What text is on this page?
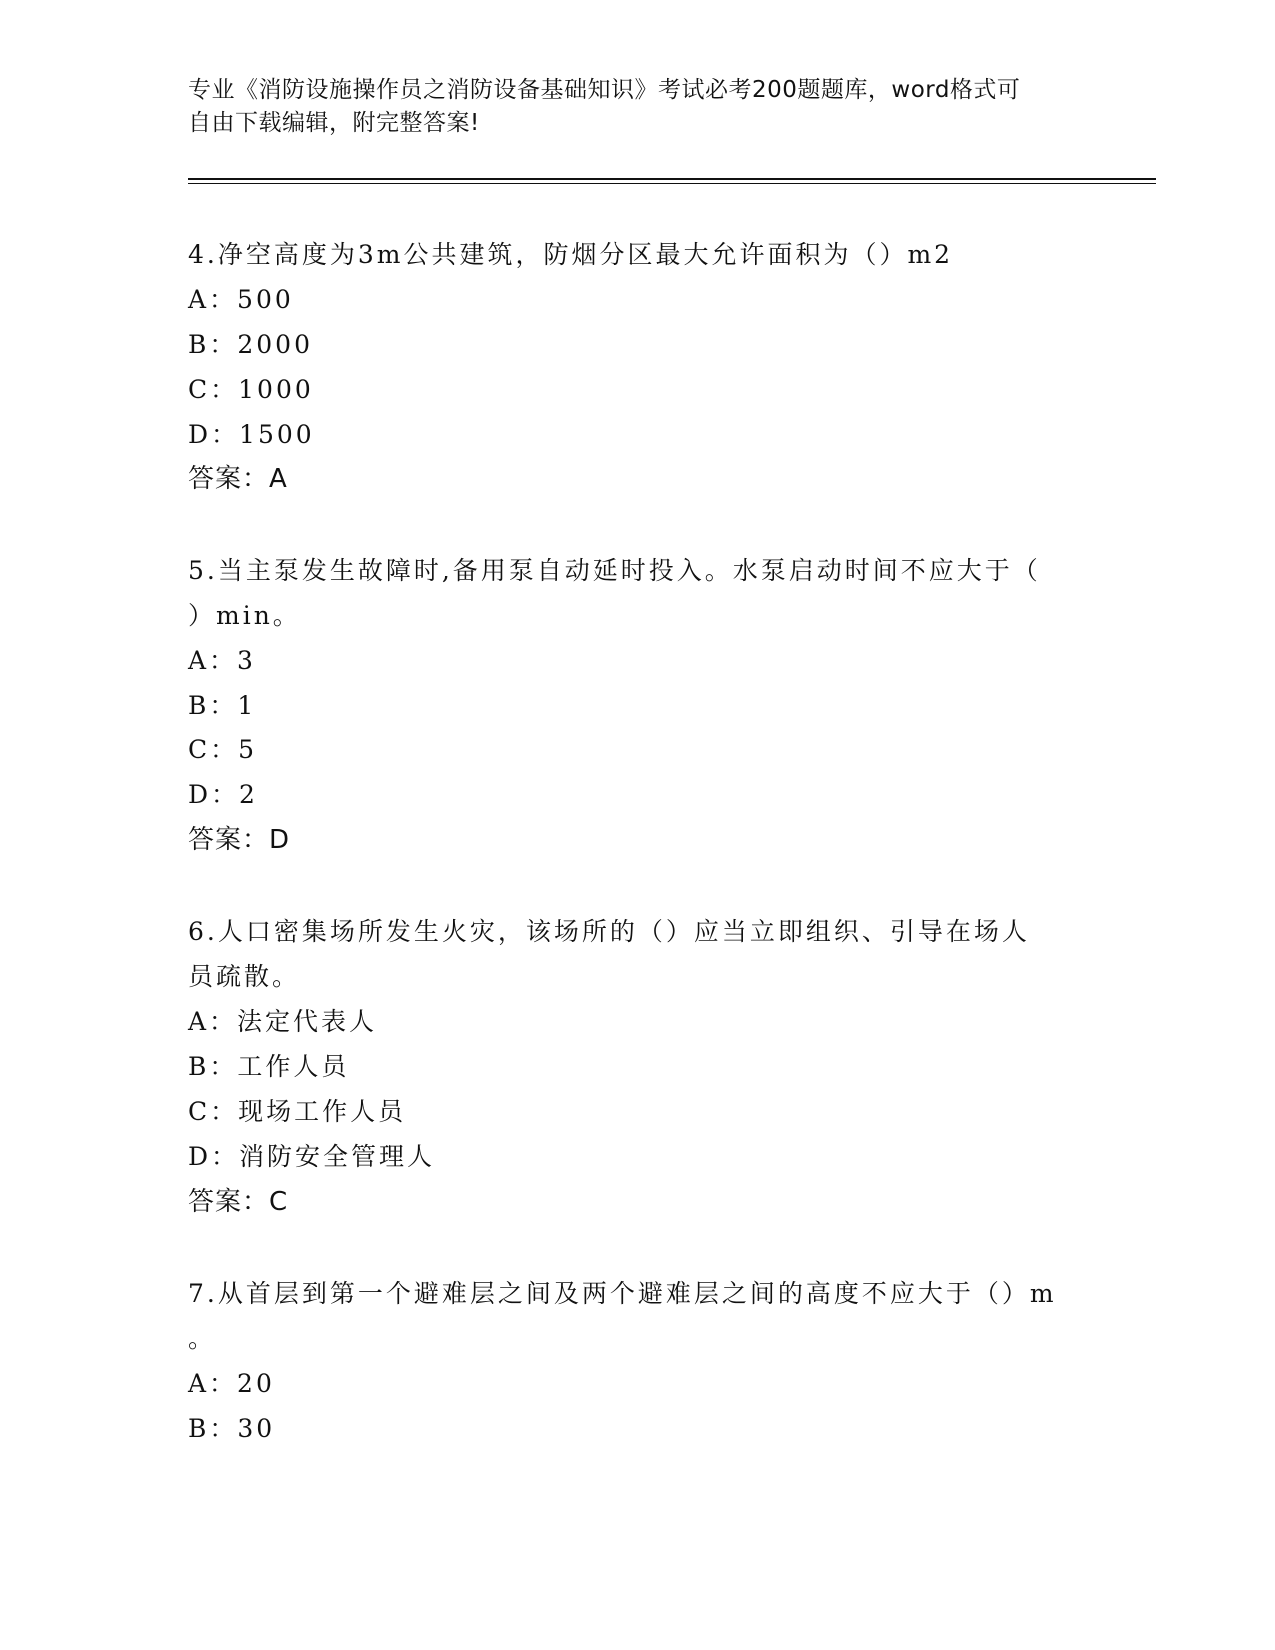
专业《消防设施操作员之消防设备基础知识》考试必考200题题库，word格式可
自由下载编辑，附完整答案!
4.净空高度为3m公共建筑，防烟分区最大允许面积为（）m2
A：500
B：2000
C：1000
D：1500
答案：A
5.当主泵发生故障时,备用泵自动延时投入。水泵启动时间不应大于（
）min。
A：3
B：1
C：5
D：2
答案：D
6.人口密集场所发生火灾，该场所的（）应当立即组织、引导在场人
员疏散。
A：法定代表人
B：工作人员
C：现场工作人员
D：消防安全管理人
答案：C
7.从首层到第一个避难层之间及两个避难层之间的高度不应大于（）m
。
A：20
B：30
